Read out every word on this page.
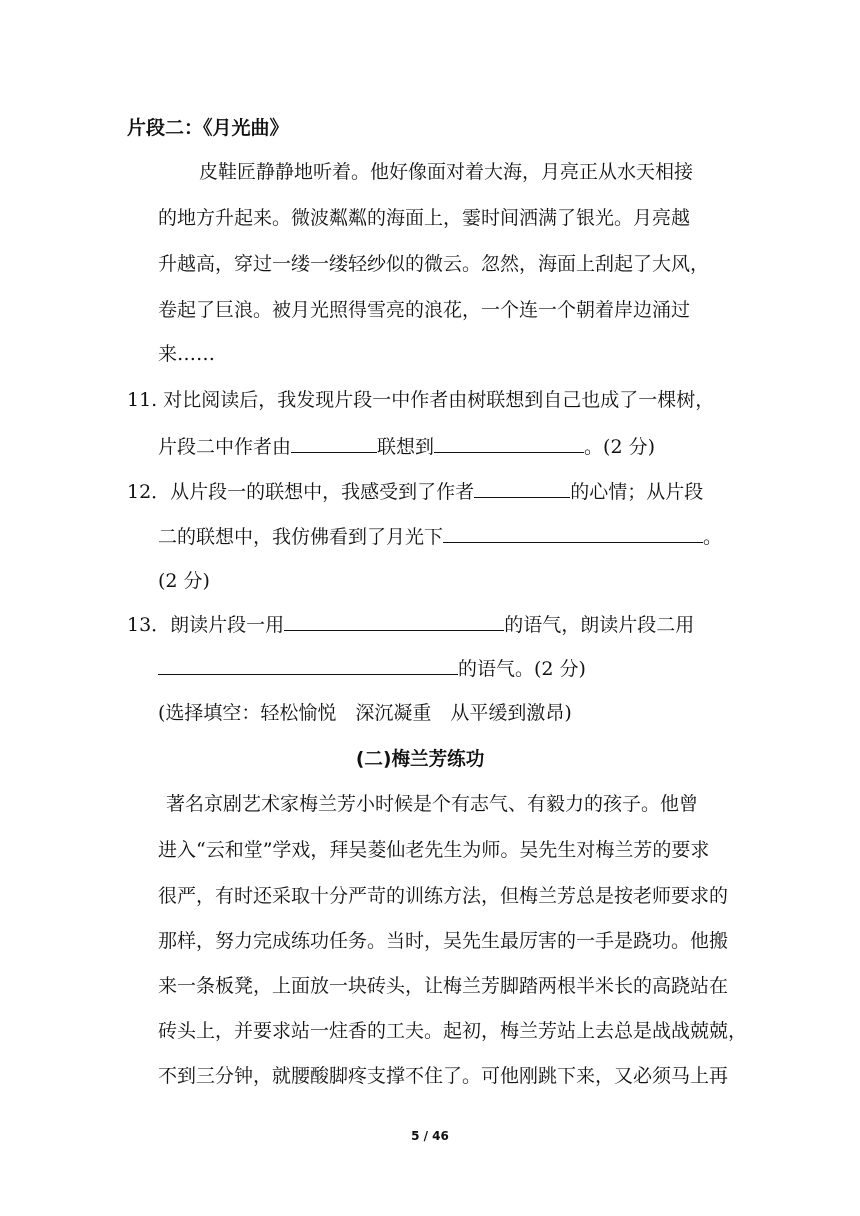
片段二：《月光曲》
皮鞋匠静静地听着。他好像面对着大海，月亮正从水天相接
的地方升起来。微波粼粼的海面上，霎时间洒满了银光。月亮越
升越高，穿过一缕一缕轻纱似的微云。忽然，海面上刮起了大风，
卷起了巨浪。被月光照得雪亮的浪花，一个连一个朝着岸边涌过
来……
11. 对比阅读后，我发现片段一中作者由树联想到自己也成了一棵树，
片段二中作者由	联想到	。(2 分)
12．从片段一的联想中，我感受到了作者	的心情；从片段
二的联想中，我仿佛看到了月光下	。
(2 分)
13．朗读片段一用	的语气，朗读片段二用
的语气。(2 分)
(选择填空：轻松愉悦　深沉凝重　从平缓到激昂)
(二)梅兰芳练功
著名京剧艺术家梅兰芳小时候是个有志气、有毅力的孩子。他曾
进入“云和堂”学戏，拜吴菱仙老先生为师。吴先生对梅兰芳的要求
很严，有时还采取十分严苛的训练方法，但梅兰芳总是按老师要求的
那样，努力完成练功任务。当时，吴先生最厉害的一手是跷功。他搬
来一条板凳，上面放一块砖头，让梅兰芳脚踏两根半米长的高跷站在
砖头上，并要求站一炷香的工夫。起初，梅兰芳站上去总是战战兢兢，
不到三分钟，就腰酸脚疼支撑不住了。可他刚跳下来，又必须马上再
5 / 46
